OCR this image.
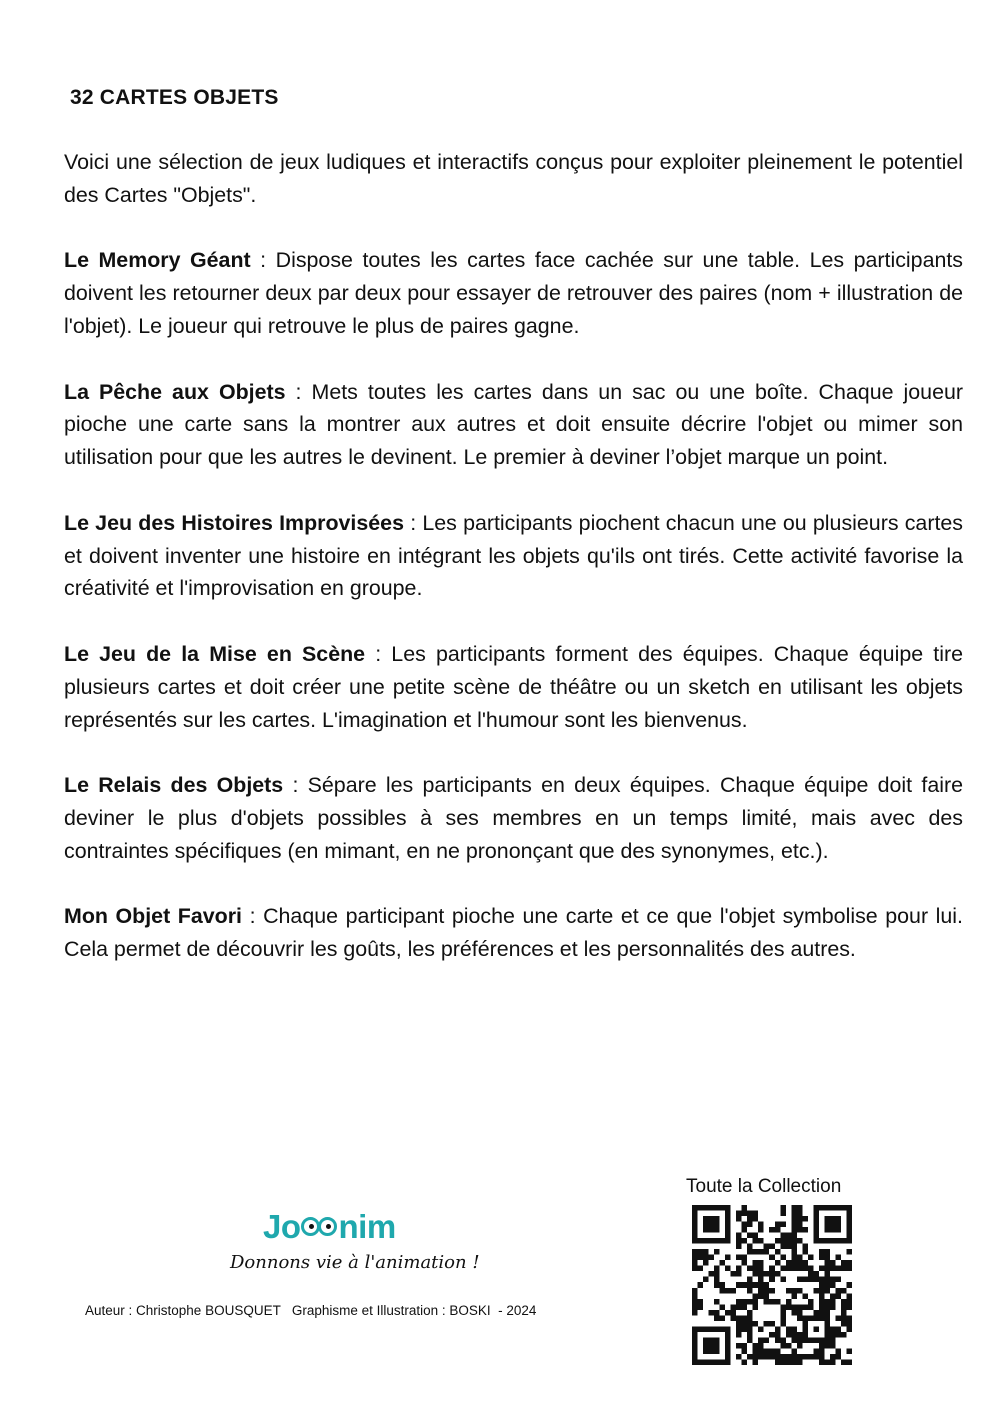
32 CARTES OBJETS

Voici une sélection de jeux ludiques et interactifs conçus pour exploiter pleinement le potentiel des Cartes "Objets".

Le Memory Géant : Dispose toutes les cartes face cachée sur une table. Les participants doivent les retourner deux par deux pour essayer de retrouver des paires (nom + illustration de l'objet). Le joueur qui retrouve le plus de paires gagne.

La Pêche aux Objets : Mets toutes les cartes dans un sac ou une boîte. Chaque joueur pioche une carte sans la montrer aux autres et doit ensuite décrire l'objet ou mimer son utilisation pour que les autres le devinent. Le premier à deviner l’objet marque un point.

Le Jeu des Histoires Improvisées : Les participants piochent chacun une ou plusieurs cartes et doivent inventer une histoire en intégrant les objets qu'ils ont tirés. Cette activité favorise la créativité et l'improvisation en groupe.

Le Jeu de la Mise en Scène : Les participants forment des équipes. Chaque équipe tire plusieurs cartes et doit créer une petite scène de théâtre ou un sketch en utilisant les objets représentés sur les cartes. L'imagination et l'humour sont les bienvenus.

Le Relais des Objets : Sépare les participants en deux équipes. Chaque équipe doit faire deviner le plus d'objets possibles à ses membres en un temps limité, mais avec des contraintes spécifiques (en mimant, en ne prononçant que des synonymes, etc.).

Mon Objet Favori : Chaque participant pioche une carte et ce que l'objet symbolise pour lui. Cela permet de découvrir les goûts, les préférences et les personnalités des autres.

Jo nim
Donnons vie à l'animation !
Auteur : Christophe BOUSQUET   Graphisme et Illustration : BOSKI  - 2024
Toute la Collection
